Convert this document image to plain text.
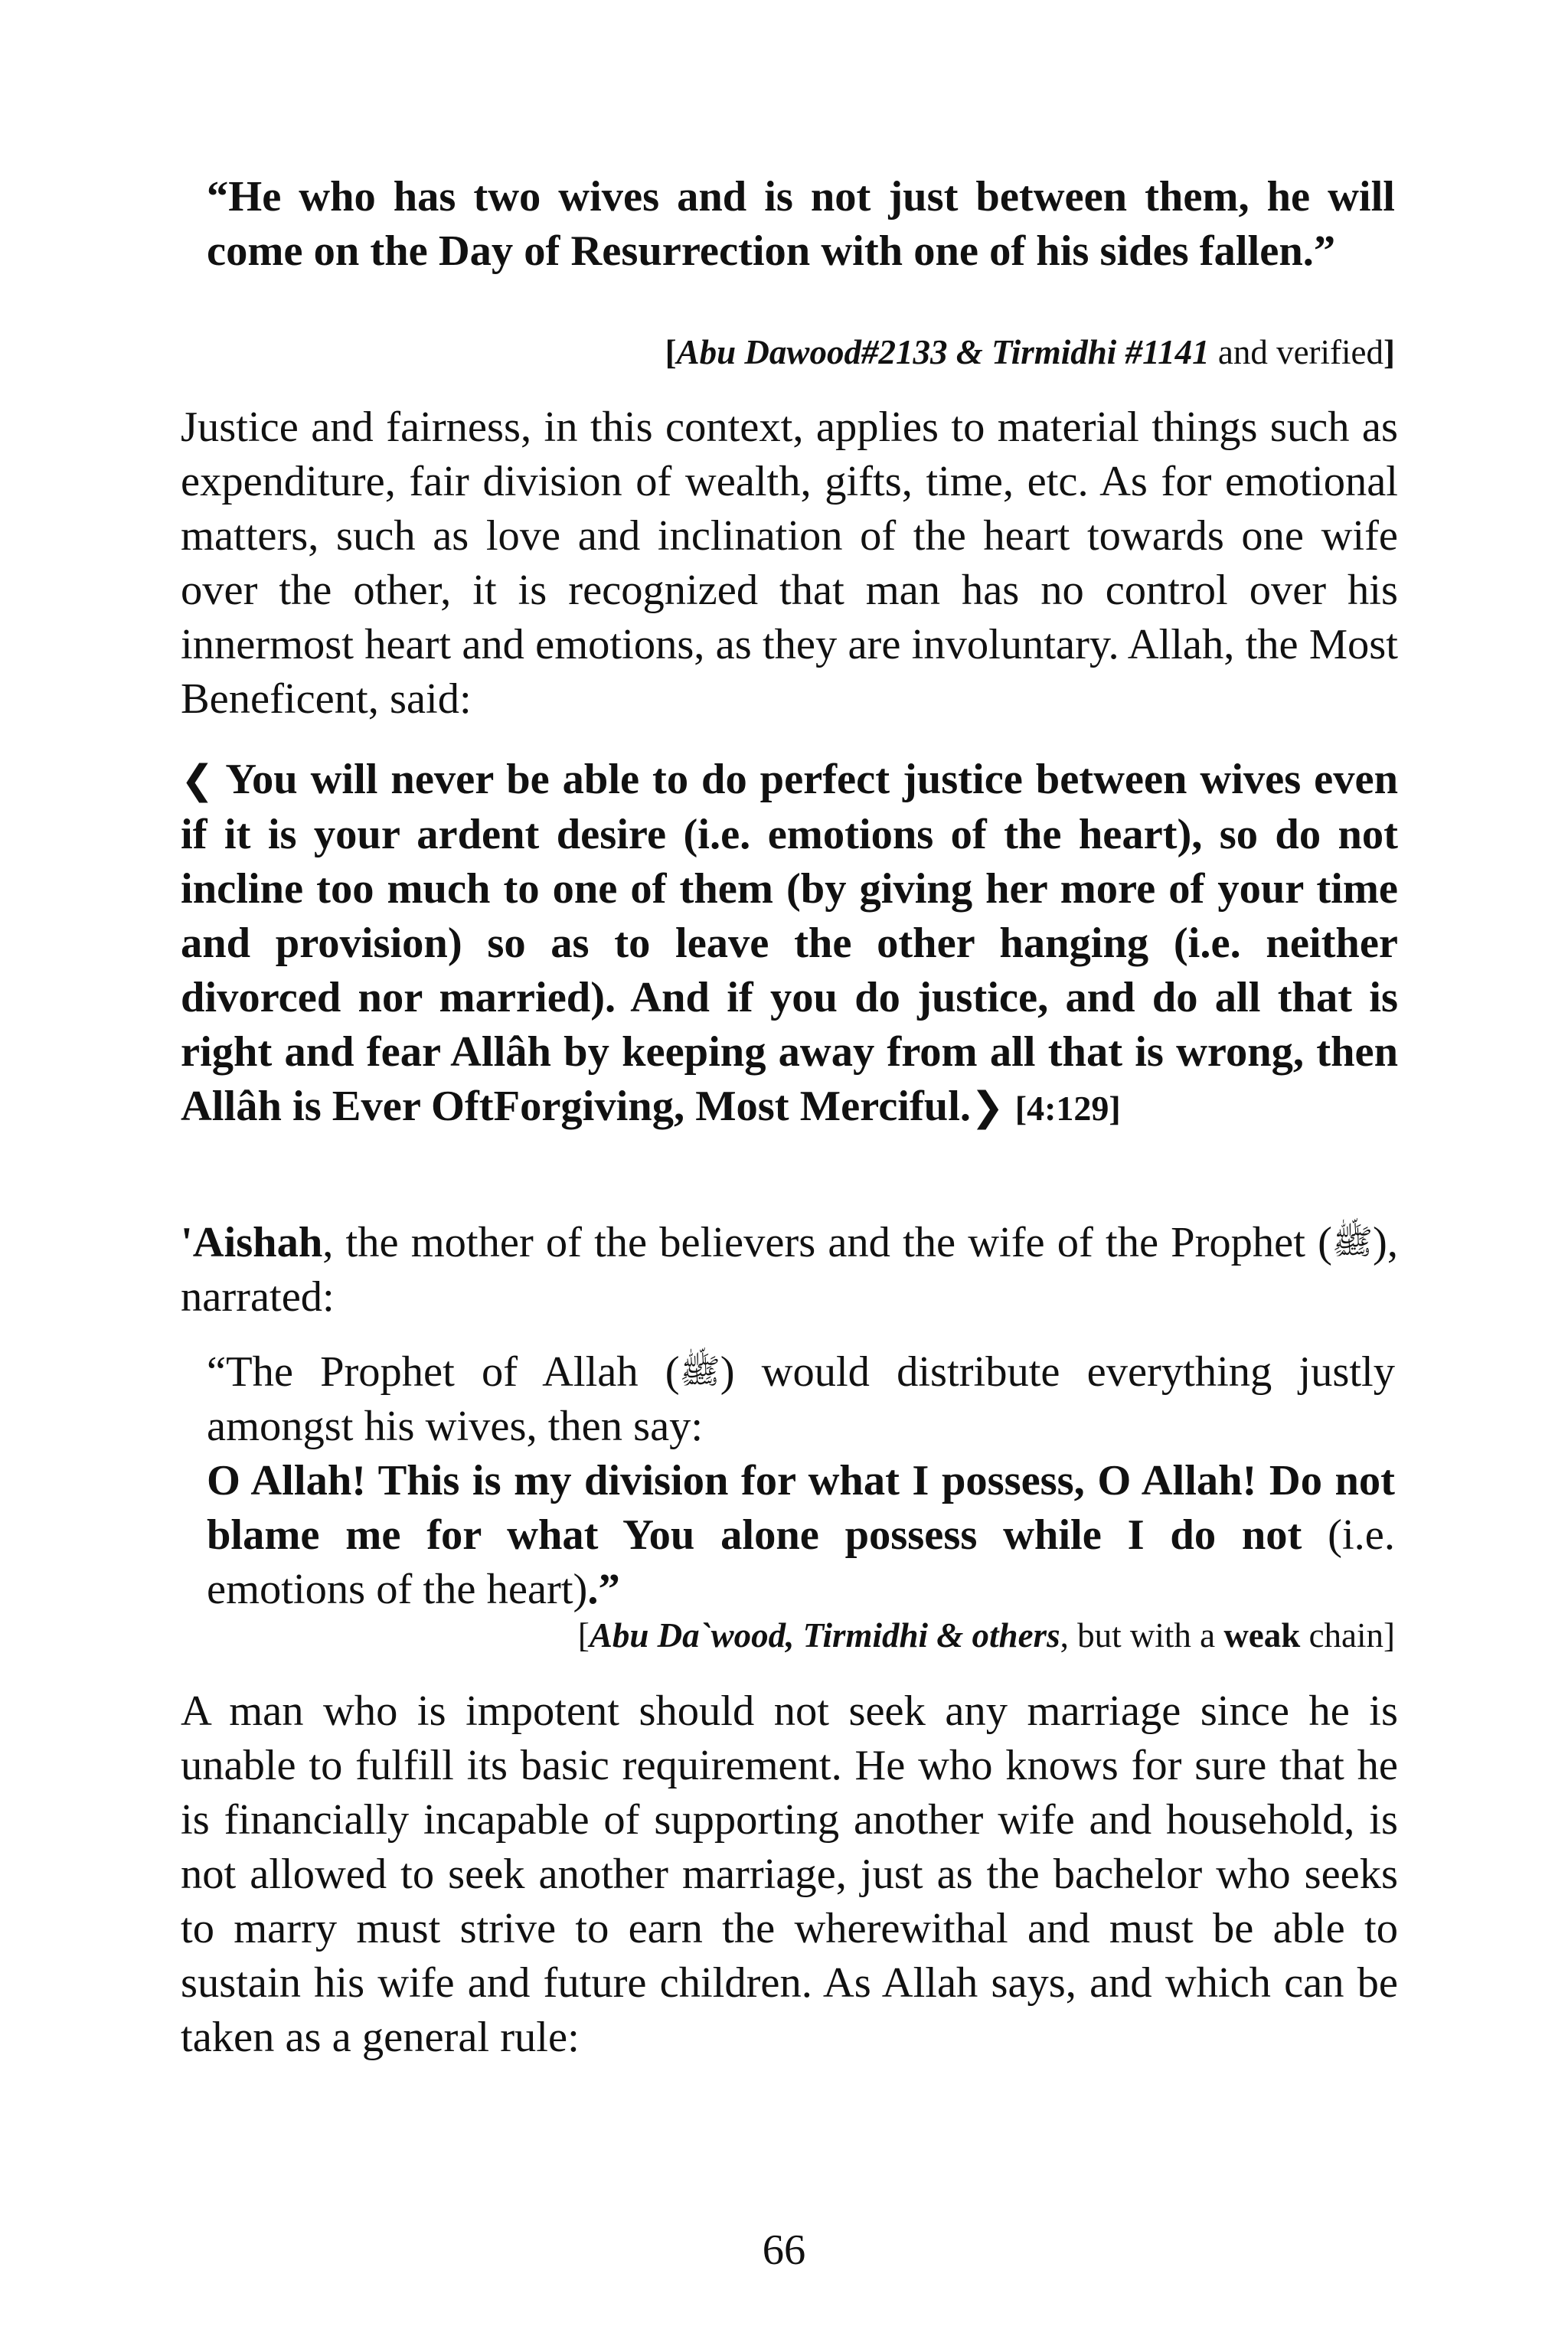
“He who has two wives and is not just between them, he will come on the Day of Resurrection with one of his sides fallen.”

[Abu Dawood#2133 & Tirmidhi #1141 and verified]

Justice and fairness, in this context, applies to material things such as expenditure, fair division of wealth, gifts, time, etc. As for emotional matters, such as love and inclination of the heart towards one wife over the other, it is recognized that man has no control over his innermost heart and emotions, as they are involuntary. Allah, the Most Beneficent, said:

❮ You will never be able to do perfect justice between wives even if it is your ardent desire (i.e. emotions of the heart), so do not incline too much to one of them (by giving her more of your time and provision) so as to leave the other hanging (i.e. neither divorced nor married). And if you do justice, and do all that is right and fear Allâh by keeping away from all that is wrong, then Allâh is Ever OftForgiving, Most Merciful.❯ [4:129]

'Aishah, the mother of the believers and the wife of the Prophet (ﷺ), narrated:

“The Prophet of Allah (ﷺ) would distribute everything justly amongst his wives, then say:
O Allah! This is my division for what I possess, O Allah! Do not blame me for what You alone possess while I do not (i.e. emotions of the heart).”

[Abu Da`wood, Tirmidhi & others, but with a weak chain]

A man who is impotent should not seek any marriage since he is unable to fulfill its basic requirement. He who knows for sure that he is financially incapable of supporting another wife and household, is not allowed to seek another marriage, just as the bachelor who seeks to marry must strive to earn the wherewithal and must be able to sustain his wife and future children. As Allah says, and which can be taken as a general rule:

66
